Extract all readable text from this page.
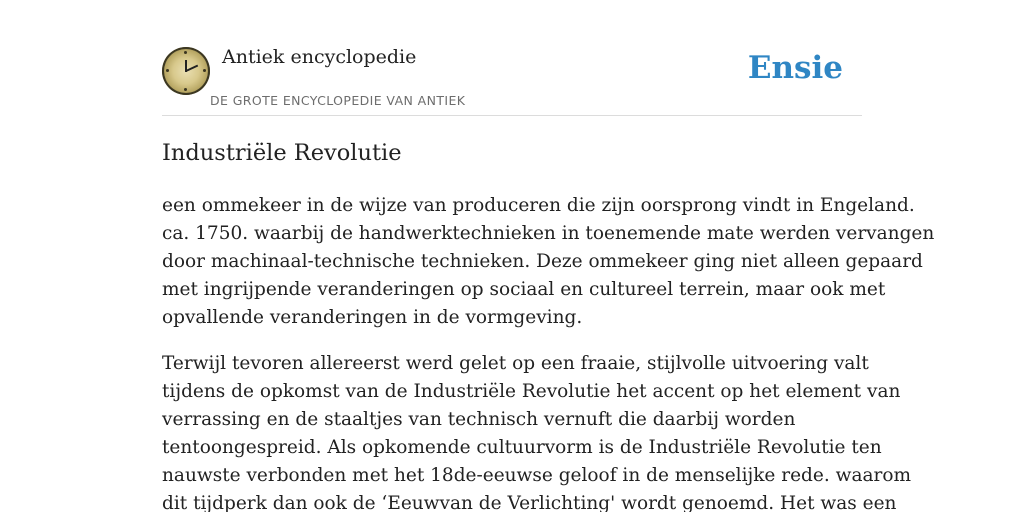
Antiek encyclopedie
DE GROTE ENCYCLOPEDIE VAN ANTIEK
Ensie
Industriële Revolutie

een ommekeer in de wijze van produceren die zijn oorsprong vindt in Engeland.
ca. 1750. waarbij de handwerktechnieken in toenemende mate werden vervangen
door machinaal-technische technieken. Deze ommekeer ging niet alleen gepaard
met ingrijpende veranderingen op sociaal en cultureel terrein, maar ook met
opvallende veranderingen in de vormgeving.

Terwijl tevoren allereerst werd gelet op een fraaie, stijlvolle uitvoering valt
tijdens de opkomst van de Industriële Revolutie het accent op het element van
verrassing en de staaltjes van technisch vernuft die daarbij worden
tentoongespreid. Als opkomende cultuurvorm is de Industriële Revolutie ten
nauwste verbonden met het 18de-eeuwse geloof in de menselijke rede. waarom
dit tijdperk dan ook de ‘Eeuwvan de Verlichting' wordt genoemd. Het was een
